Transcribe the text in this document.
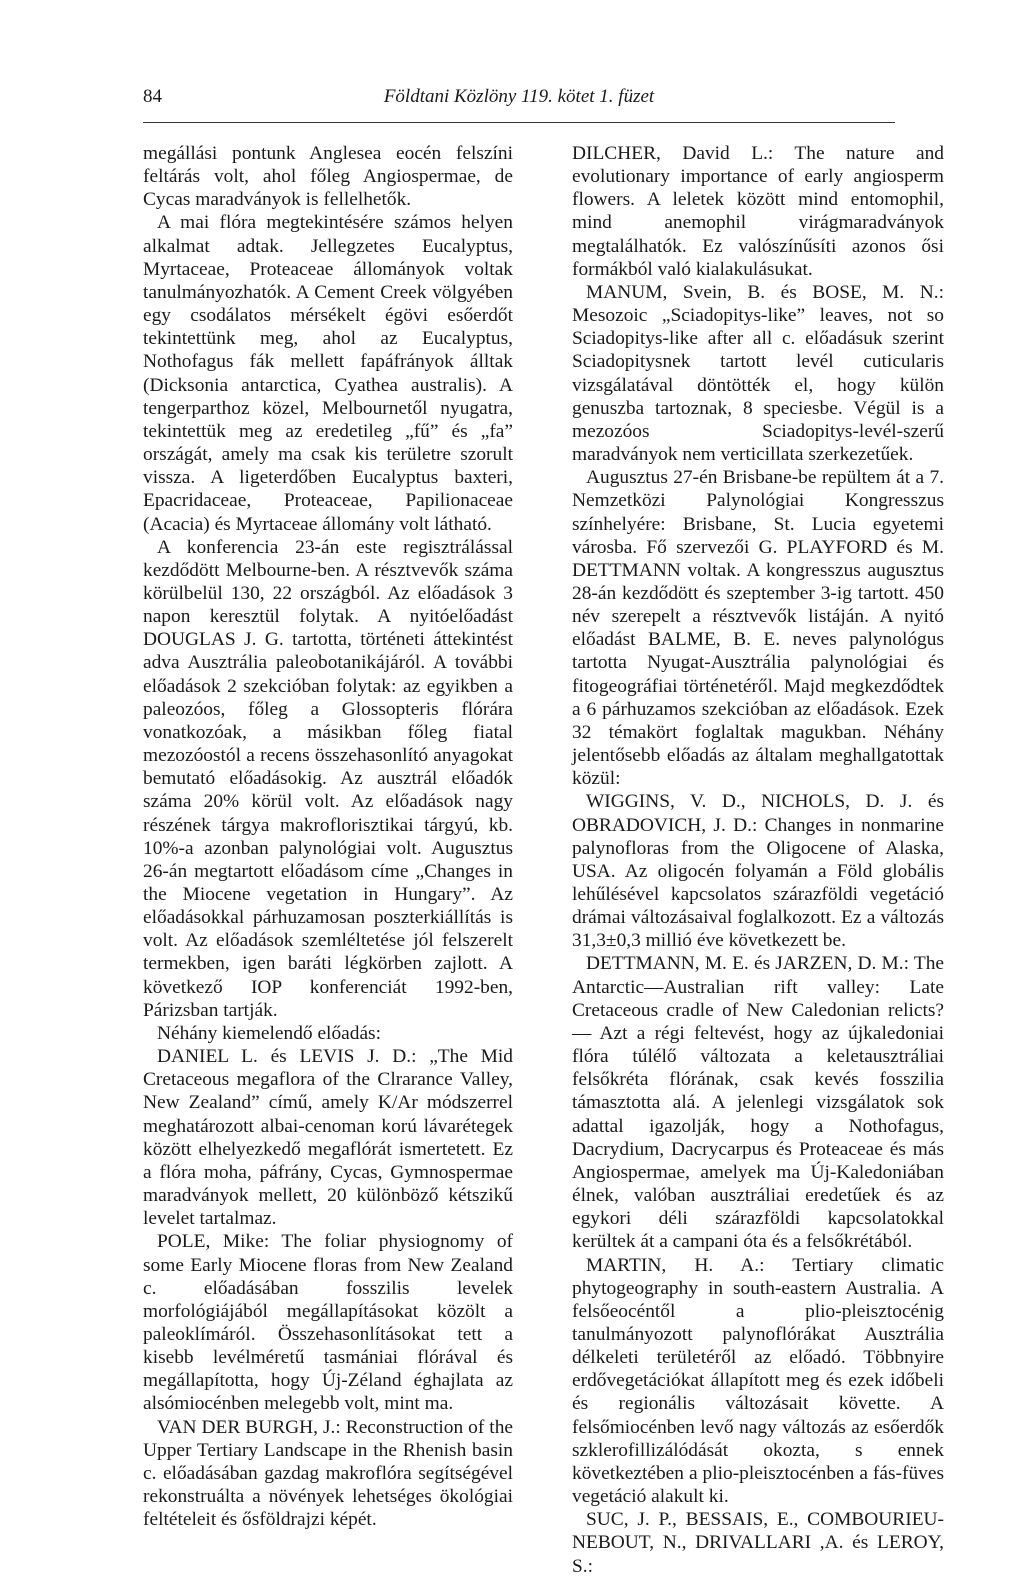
84	Földtani Közlöny 119. kötet 1. füzet

megállási pontunk Anglesea eocén felszíni feltárás volt, ahol főleg Angiospermae, de Cycas maradványok is fellelhetők.

A mai flóra megtekintésére számos helyen alkalmat adtak. Jellegzetes Eucalyptus, Myrtaceae, Proteaceae állományok voltak tanulmányozhatók. A Cement Creek völgyében egy csodálatos mérsékelt égövi esőerdőt tekintettünk meg, ahol az Eucalyptus, Nothofagus fák mellett fapáfrányok álltak (Dicksonia antarctica, Cyathea australis). A tengerparthoz közel, Melbournetől nyugatra, tekintettük meg az eredetileg „fű” és „fa” országát, amely ma csak kis területre szorult vissza. A ligeterdőben Eucalyptus baxteri, Epacridaceae, Proteaceae, Papilionaceae (Acacia) és Myrtaceae állomány volt látható.

A konferencia 23-án este regisztrálással kezdődött Melbourne-ben. A résztvevők száma körülbelül 130, 22 országból. Az előadások 3 napon keresztül folytak. A nyitóelőadást DOUGLAS J. G. tartotta, történeti áttekintést adva Ausztrália paleobotanikájáról. A további előadások 2 szekcióban folytak: az egyikben a paleozóos, főleg a Glossopteris flórára vonatkozóak, a másikban főleg fiatal mezozóostól a recens összehasonlító anyagokat bemutató előadásokig. Az ausztrál előadók száma 20% körül volt. Az előadások nagy részének tárgya makroflorisztikai tárgyú, kb. 10%-a azonban palynológiai volt. Augusztus 26-án megtartott előadásom címe „Changes in the Miocene vegetation in Hungary”. Az előadásokkal párhuzamosan poszterkiállítás is volt. Az előadások szemléltetése jól felszerelt termekben, igen baráti légkörben zajlott. A következő IOP konferenciát 1992-ben, Párizsban tartják.

Néhány kiemelendő előadás:

DANIEL L. és LEVIS J. D.: „The Mid Cretaceous megaflora of the Clrarance Valley, New Zealand” című, amely K/Ar módszerrel meghatározott albai-cenoman korú lávarétegek között elhelyezkedő megaflórát ismertetett. Ez a flóra moha, páfrány, Cycas, Gymnospermae maradványok mellett, 20 különböző kétszikű levelet tartalmaz.

POLE, Mike: The foliar physiognomy of some Early Miocene floras from New Zealand c. előadásában fosszilis levelek morfológiájából megállapításokat közölt a paleoklímáról. Összehasonlításokat tett a kisebb levélméretű tasmániai flórával és megállapította, hogy Új-Zéland éghajlata az alsómiocénben melegebb volt, mint ma.

VAN DER BURGH, J.: Reconstruction of the Upper Tertiary Landscape in the Rhenish basin c. előadásában gazdag makroflóra segítségével rekonstruálta a növények lehetséges ökológiai feltételeit és ősföldrajzi képét.

DILCHER, David L.: The nature and evolutionary importance of early angiosperm flowers. A leletek között mind entomophil, mind anemophil virágmaradványok megtalálhatók. Ez valószínűsíti azonos ősi formákból való kialakulásukat.

MANUM, Svein, B. és BOSE, M. N.: Mesozoic „Sciadopitys-like” leaves, not so Sciadopitys-like after all c. előadásuk szerint Sciadopitysnek tartott levél cuticularis vizsgálatával döntötték el, hogy külön genuszba tartoznak, 8 speciesbe. Végül is a mezozóos Sciadopitys-levél-szerű maradványok nem verticillata szerkezetűek.

Augusztus 27-én Brisbane-be repültem át a 7. Nemzetközi Palynológiai Kongresszus színhelyére: Brisbane, St. Lucia egyetemi városba. Fő szervezői G. PLAYFORD és M. DETTMANN voltak. A kongresszus augusztus 28-án kezdődött és szeptember 3-ig tartott. 450 név szerepelt a résztvevők listáján. A nyitó előadást BALME, B. E. neves palynológus tartotta Nyugat-Ausztrália palynológiai és fitogeográfiai történetéről. Majd megkezdődtek a 6 párhuzamos szekcióban az előadások. Ezek 32 témakört foglaltak magukban. Néhány jelentősebb előadás az általam meghallgatottak közül:

WIGGINS, V. D., NICHOLS, D. J. és OBRADOVICH, J. D.: Changes in nonmarine palynofloras from the Oligocene of Alaska, USA. Az oligocén folyamán a Föld globális lehűlésével kapcsolatos szárazföldi vegetáció drámai változásaival foglalkozott. Ez a változás 31,3±0,3 millió éve következett be.

DETTMANN, M. E. és JARZEN, D. M.: The Antarctic—Australian rift valley: Late Cretaceous cradle of New Caledonian relicts? — Azt a régi feltevést, hogy az újkaledoniai flóra túlélő változata a keletausztráliai felsőkréta flórának, csak kevés fosszilia támasztotta alá. A jelenlegi vizsgálatok sok adattal igazolják, hogy a Nothofagus, Dacrydium, Dacrycarpus és Proteaceae és más Angiospermae, amelyek ma Új-Kaledoniában élnek, valóban ausztráliai eredetűek és az egykori déli szárazföldi kapcsolatokkal kerültek át a campani óta és a felsőkrétából.

MARTIN, H. A.: Tertiary climatic phytogeography in south-eastern Australia. A felsőeocéntől a plio-pleisztocénig tanulmányozott palynoflórákat Ausztrália délkeleti területéről az előadó. Többnyire erdővegetációkat állapított meg és ezek időbeli és regionális változásait követte. A felsőmiocénben levő nagy változás az esőerdők szklerofillizálódását okozta, s ennek következtében a plio-pleisztocénben a fás-füves vegetáció alakult ki.

SUC, J. P., BESSAIS, E., COMBOURIEU-NEBOUT, N., DRIVALLARI ,A. és LEROY, S.:
